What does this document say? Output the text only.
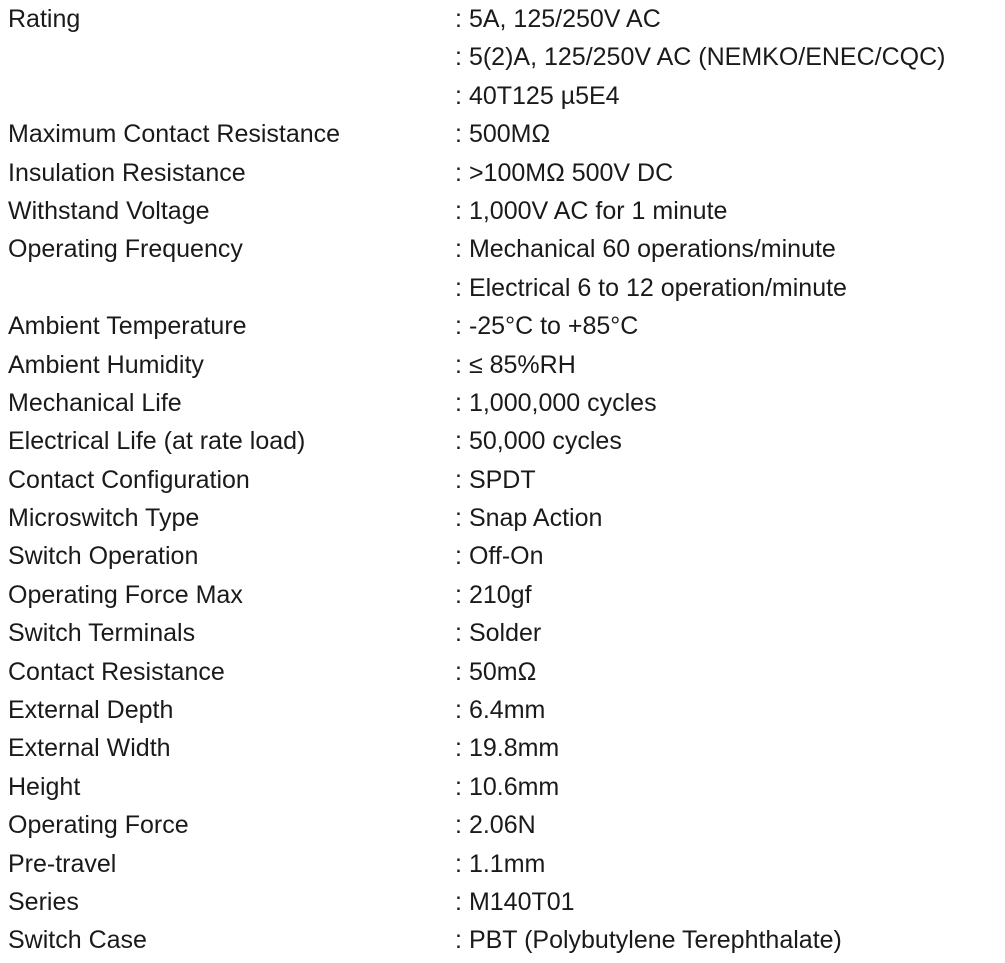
Rating	: 5A, 125/250V AC
: 5(2)A, 125/250V AC (NEMKO/ENEC/CQC)
: 40T125 µ5E4
Maximum Contact Resistance	: 500MΩ
Insulation Resistance	: >100MΩ 500V DC
Withstand Voltage	: 1,000V AC for 1 minute
Operating Frequency	: Mechanical 60 operations/minute
: Electrical 6 to 12 operation/minute
Ambient Temperature	: -25°C to +85°C
Ambient Humidity	: ≤ 85%RH
Mechanical Life	: 1,000,000 cycles
Electrical Life (at rate load)	: 50,000 cycles
Contact Configuration	: SPDT
Microswitch Type	: Snap Action
Switch Operation	: Off-On
Operating Force Max	: 210gf
Switch Terminals	: Solder
Contact Resistance	: 50mΩ
External Depth	: 6.4mm
External Width	: 19.8mm
Height	: 10.6mm
Operating Force	: 2.06N
Pre-travel	: 1.1mm
Series	: M140T01
Switch Case	: PBT (Polybutylene Terephthalate)
